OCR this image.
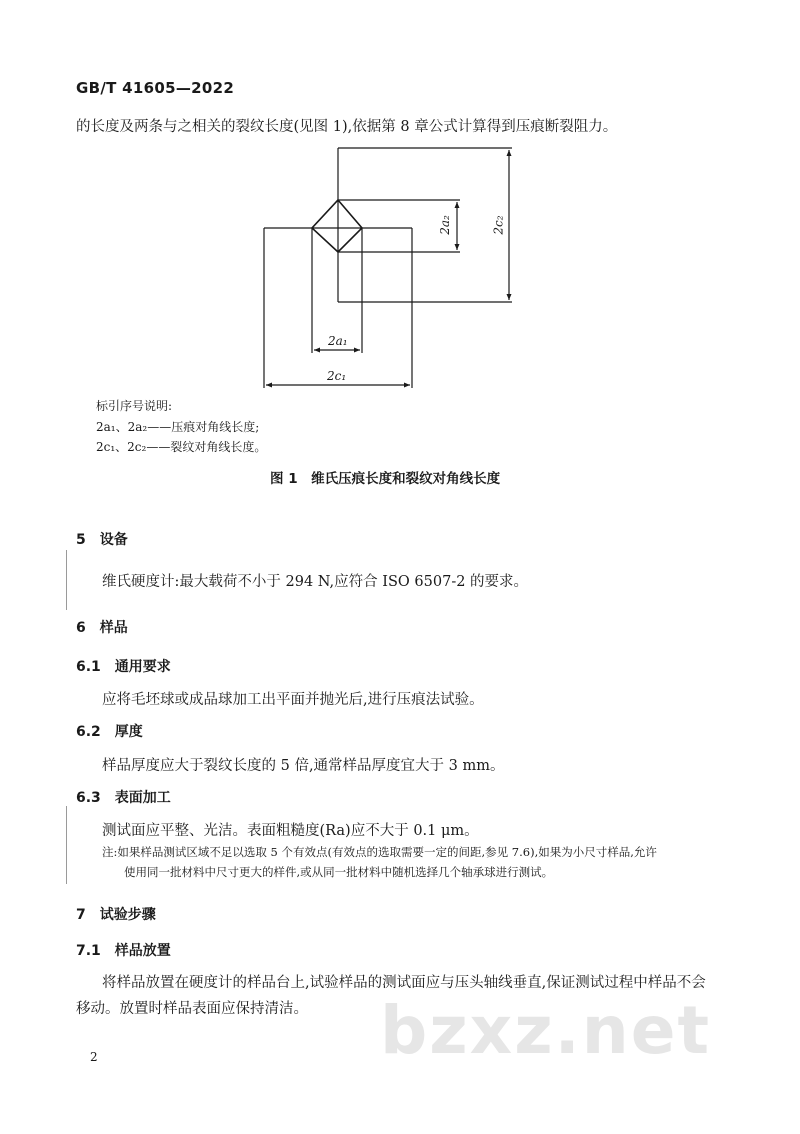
GB/T 41605—2022
的长度及两条与之相关的裂纹长度(见图 1),依据第 8 章公式计算得到压痕断裂阻力。
2a₁
2c₁
2a₂	2c₂
标引序号说明:
2a₁、2a₂——压痕对角线长度;
2c₁、2c₂——裂纹对角线长度。
图 1　维氏压痕长度和裂纹对角线长度
5　设备
维氏硬度计:最大载荷不小于 294 N,应符合 ISO 6507-2 的要求。
6　样品
6.1　通用要求
应将毛坯球或成品球加工出平面并抛光后,进行压痕法试验。
6.2　厚度
样品厚度应大于裂纹长度的 5 倍,通常样品厚度宜大于 3 mm。
6.3　表面加工
测试面应平整、光洁。表面粗糙度(Ra)应不大于 0.1 μm。
注:如果样品测试区域不足以选取 5 个有效点(有效点的选取需要一定的间距,参见 7.6),如果为小尺寸样品,允许
使用同一批材料中尺寸更大的样件,或从同一批材料中随机选择几个轴承球进行测试。
7　试验步骤
7.1　样品放置
将样品放置在硬度计的样品台上,试验样品的测试面应与压头轴线垂直,保证测试过程中样品不会
移动。放置时样品表面应保持清洁。 bzxz.net
2
